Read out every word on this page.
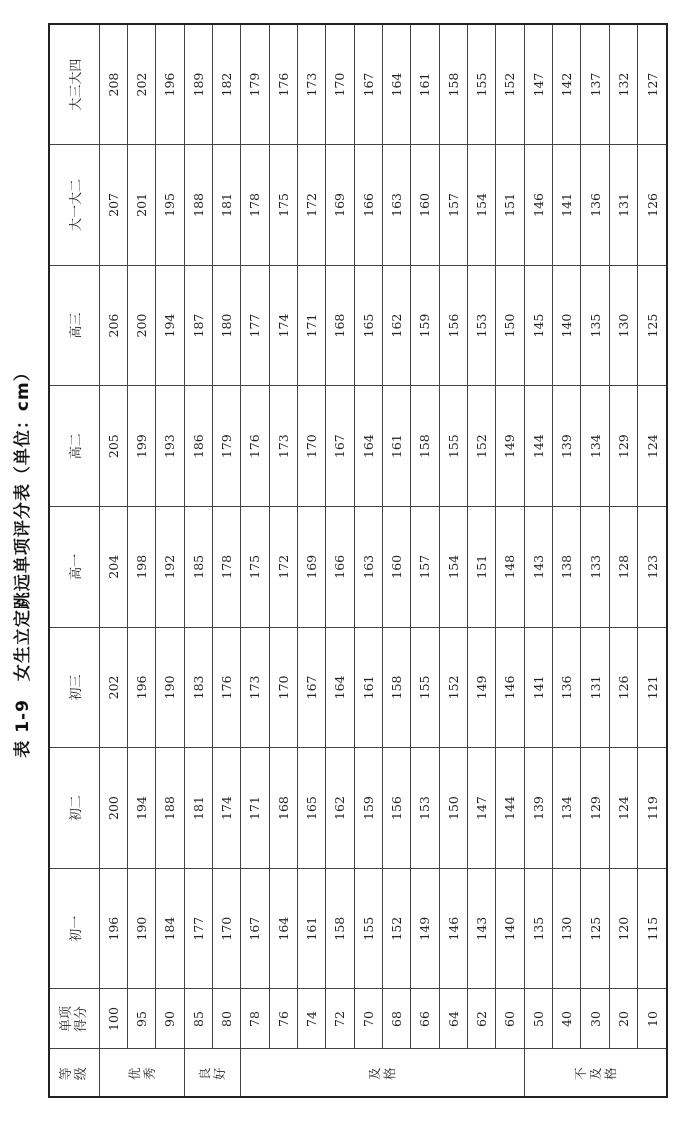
表 1-9　女生立定跳远单项评分表（单位：cm）
等 级	单项 得分	初一	初二	初三	高一	高二	高三	大一大二	大三大四

优 秀	100	196	200	202	204	205	206	207	208
	95	190	194	196	198	199	200	201	202
	90	184	188	190	192	193	194	195	196

良 好	85	177	181	183	185	186	187	188	189
	80	170	174	176	178	179	180	181	182

及 格	78	167	171	173	175	176	177	178	179
	76	164	168	170	172	173	174	175	176
	74	161	165	167	169	170	171	172	173
	72	158	162	164	166	167	168	169	170
	70	155	159	161	163	164	165	166	167
	68	152	156	158	160	161	162	163	164
	66	149	153	155	157	158	159	160	161
	64	146	150	152	154	155	156	157	158
	62	143	147	149	151	152	153	154	155
	60	140	144	146	148	149	150	151	152

不 及 格	50	135	139	141	143	144	145	146	147
	40	130	134	136	138	139	140	141	142
	30	125	129	131	133	134	135	136	137
	20	120	124	126	128	129	130	131	132
	10	115	119	121	123	124	125	126	127
